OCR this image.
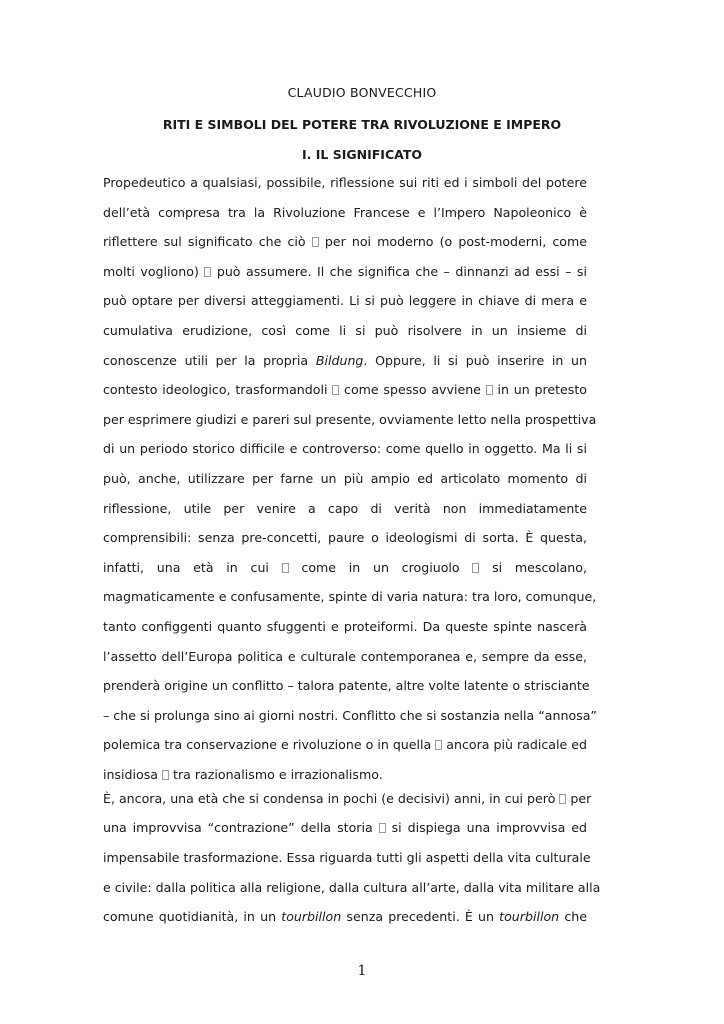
CLAUDIO BONVECCHIO
RITI E SIMBOLI DEL POTERE TRA RIVOLUZIONE E IMPERO
I. IL SIGNIFICATO
Propedeutico a qualsiasi, possibile, riflessione sui riti ed i simboli del potere
dell’età compresa tra la Rivoluzione Francese e l’Impero Napoleonico è
riflettere sul significato che ciò  per noi moderno (o post-moderni, come
molti vogliono)  può assumere. Il che significa che – dinnanzi ad essi – si
può optare per diversi atteggiamenti. Li si può leggere in chiave di mera e
cumulativa erudizione, così come li si può risolvere in un insieme di
conoscenze utili per la propria Bildung. Oppure, li si può inserire in un
contesto ideologico, trasformandoli  come spesso avviene  in un pretesto
per esprimere giudizi e pareri sul presente, ovviamente letto nella prospettiva
di un periodo storico difficile e controverso: come quello in oggetto. Ma li si
può, anche, utilizzare per farne un più ampio ed articolato momento di
riflessione, utile per venire a capo di verità non immediatamente
comprensibili: senza pre-concetti, paure o ideologismi di sorta. È questa,
infatti, una età in cui  come in un crogiuolo  si mescolano,
magmaticamente e confusamente, spinte di varia natura: tra loro, comunque,
tanto configgenti quanto sfuggenti e proteiformi. Da queste spinte nascerà
l’assetto dell’Europa politica e culturale contemporanea e, sempre da esse,
prenderà origine un conflitto – talora patente, altre volte latente o strisciante
– che si prolunga sino ai giorni nostri. Conflitto che si sostanzia nella “annosa”
polemica tra conservazione e rivoluzione o in quella  ancora più radicale ed
insidiosa  tra razionalismo e irrazionalismo.
È, ancora, una età che si condensa in pochi (e decisivi) anni, in cui però  per
una improvvisa “contrazione” della storia  si dispiega una improvvisa ed
impensabile trasformazione. Essa riguarda tutti gli aspetti della vita culturale
e civile: dalla politica alla religione, dalla cultura all’arte, dalla vita militare alla
comune quotidianità, in un tourbillon senza precedenti. È un tourbillon che
1
